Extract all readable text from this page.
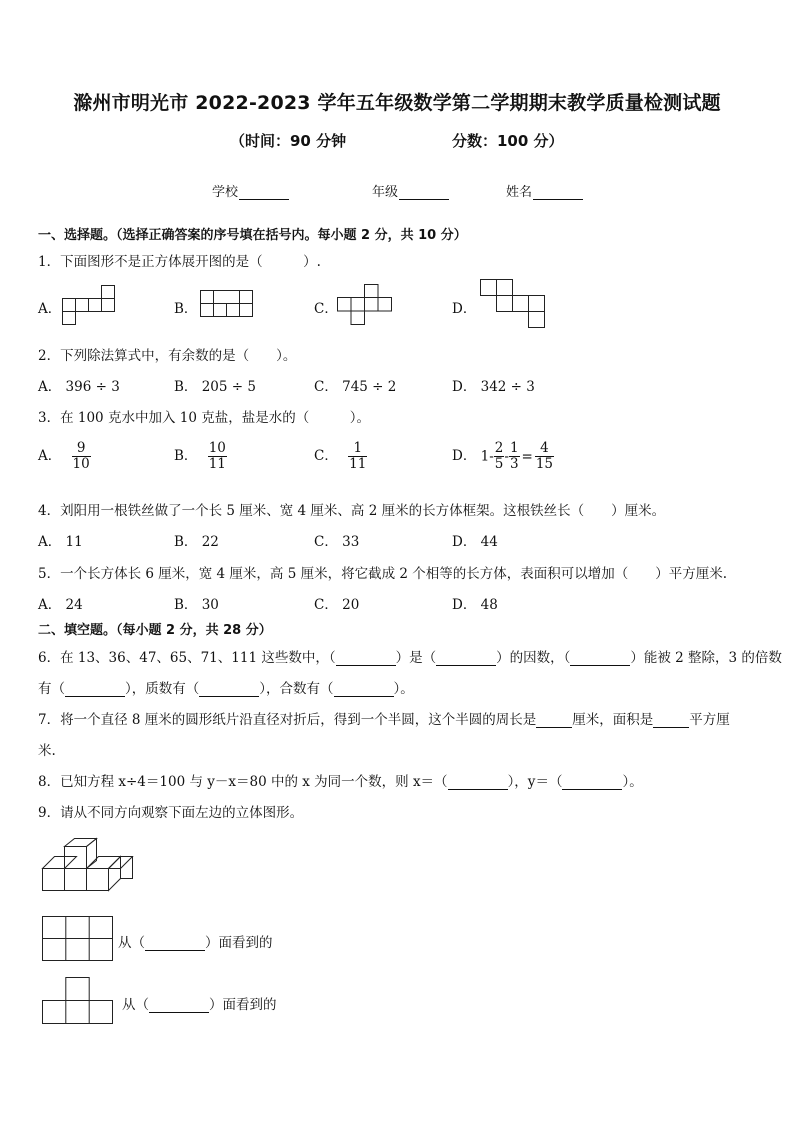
滁州市明光市 2022-2023 学年五年级数学第二学期期末教学质量检测试题
（时间：90 分钟	分数：100 分）
学校	年级	姓名
一、选择题。（选择正确答案的序号填在括号内。每小题 2 分，共 10 分）
1．下面图形不是正方体展开图的是（　　　）.
A．	B．	C．	D．
2．下列除法算式中，有余数的是（　　）。
A． 396 ÷ 3	B． 205 ÷ 5	C． 745 ÷ 2	D． 342 ÷ 3
3．在 100 克水中加入 10 克盐，盐是水的（　　　）。
A． $\frac{9}{10}$	B． $\frac{10}{11}$	C． $\frac{1}{11}$	D． $1- \frac{2}{5} - \frac{1}{3} = \frac{4}{15}$
4．刘阳用一根铁丝做了一个长 5 厘米、宽 4 厘米、高 2 厘米的长方体框架。这根铁丝长（　　）厘米。
A． 11	B． 22	C． 33	D． 44
5．一个长方体长 6 厘米，宽 4 厘米，高 5 厘米，将它截成 2 个相等的长方体，表面积可以增加（　　）平方厘米.
A． 24	B． 30	C． 20	D． 48
二、填空题。（每小题 2 分，共 28 分）
6．在 13、36、47、65、71、111 这些数中，（	）是（	）的因数，（	）能被 2 整除，3 的倍数
有（	），质数有（	），合数有（	）。
7．将一个直径 8 厘米的圆形纸片沿直径对折后，得到一个半圆，这个半圆的周长是	厘米，面积是	平方厘
米.
8．已知方程 x÷4＝100 与 y－x＝80 中的 x 为同一个数，则 x＝（	），y＝（	）。
9．请从不同方向观察下面左边的立体图形。
从（	）面看到的
从（	）面看到的
